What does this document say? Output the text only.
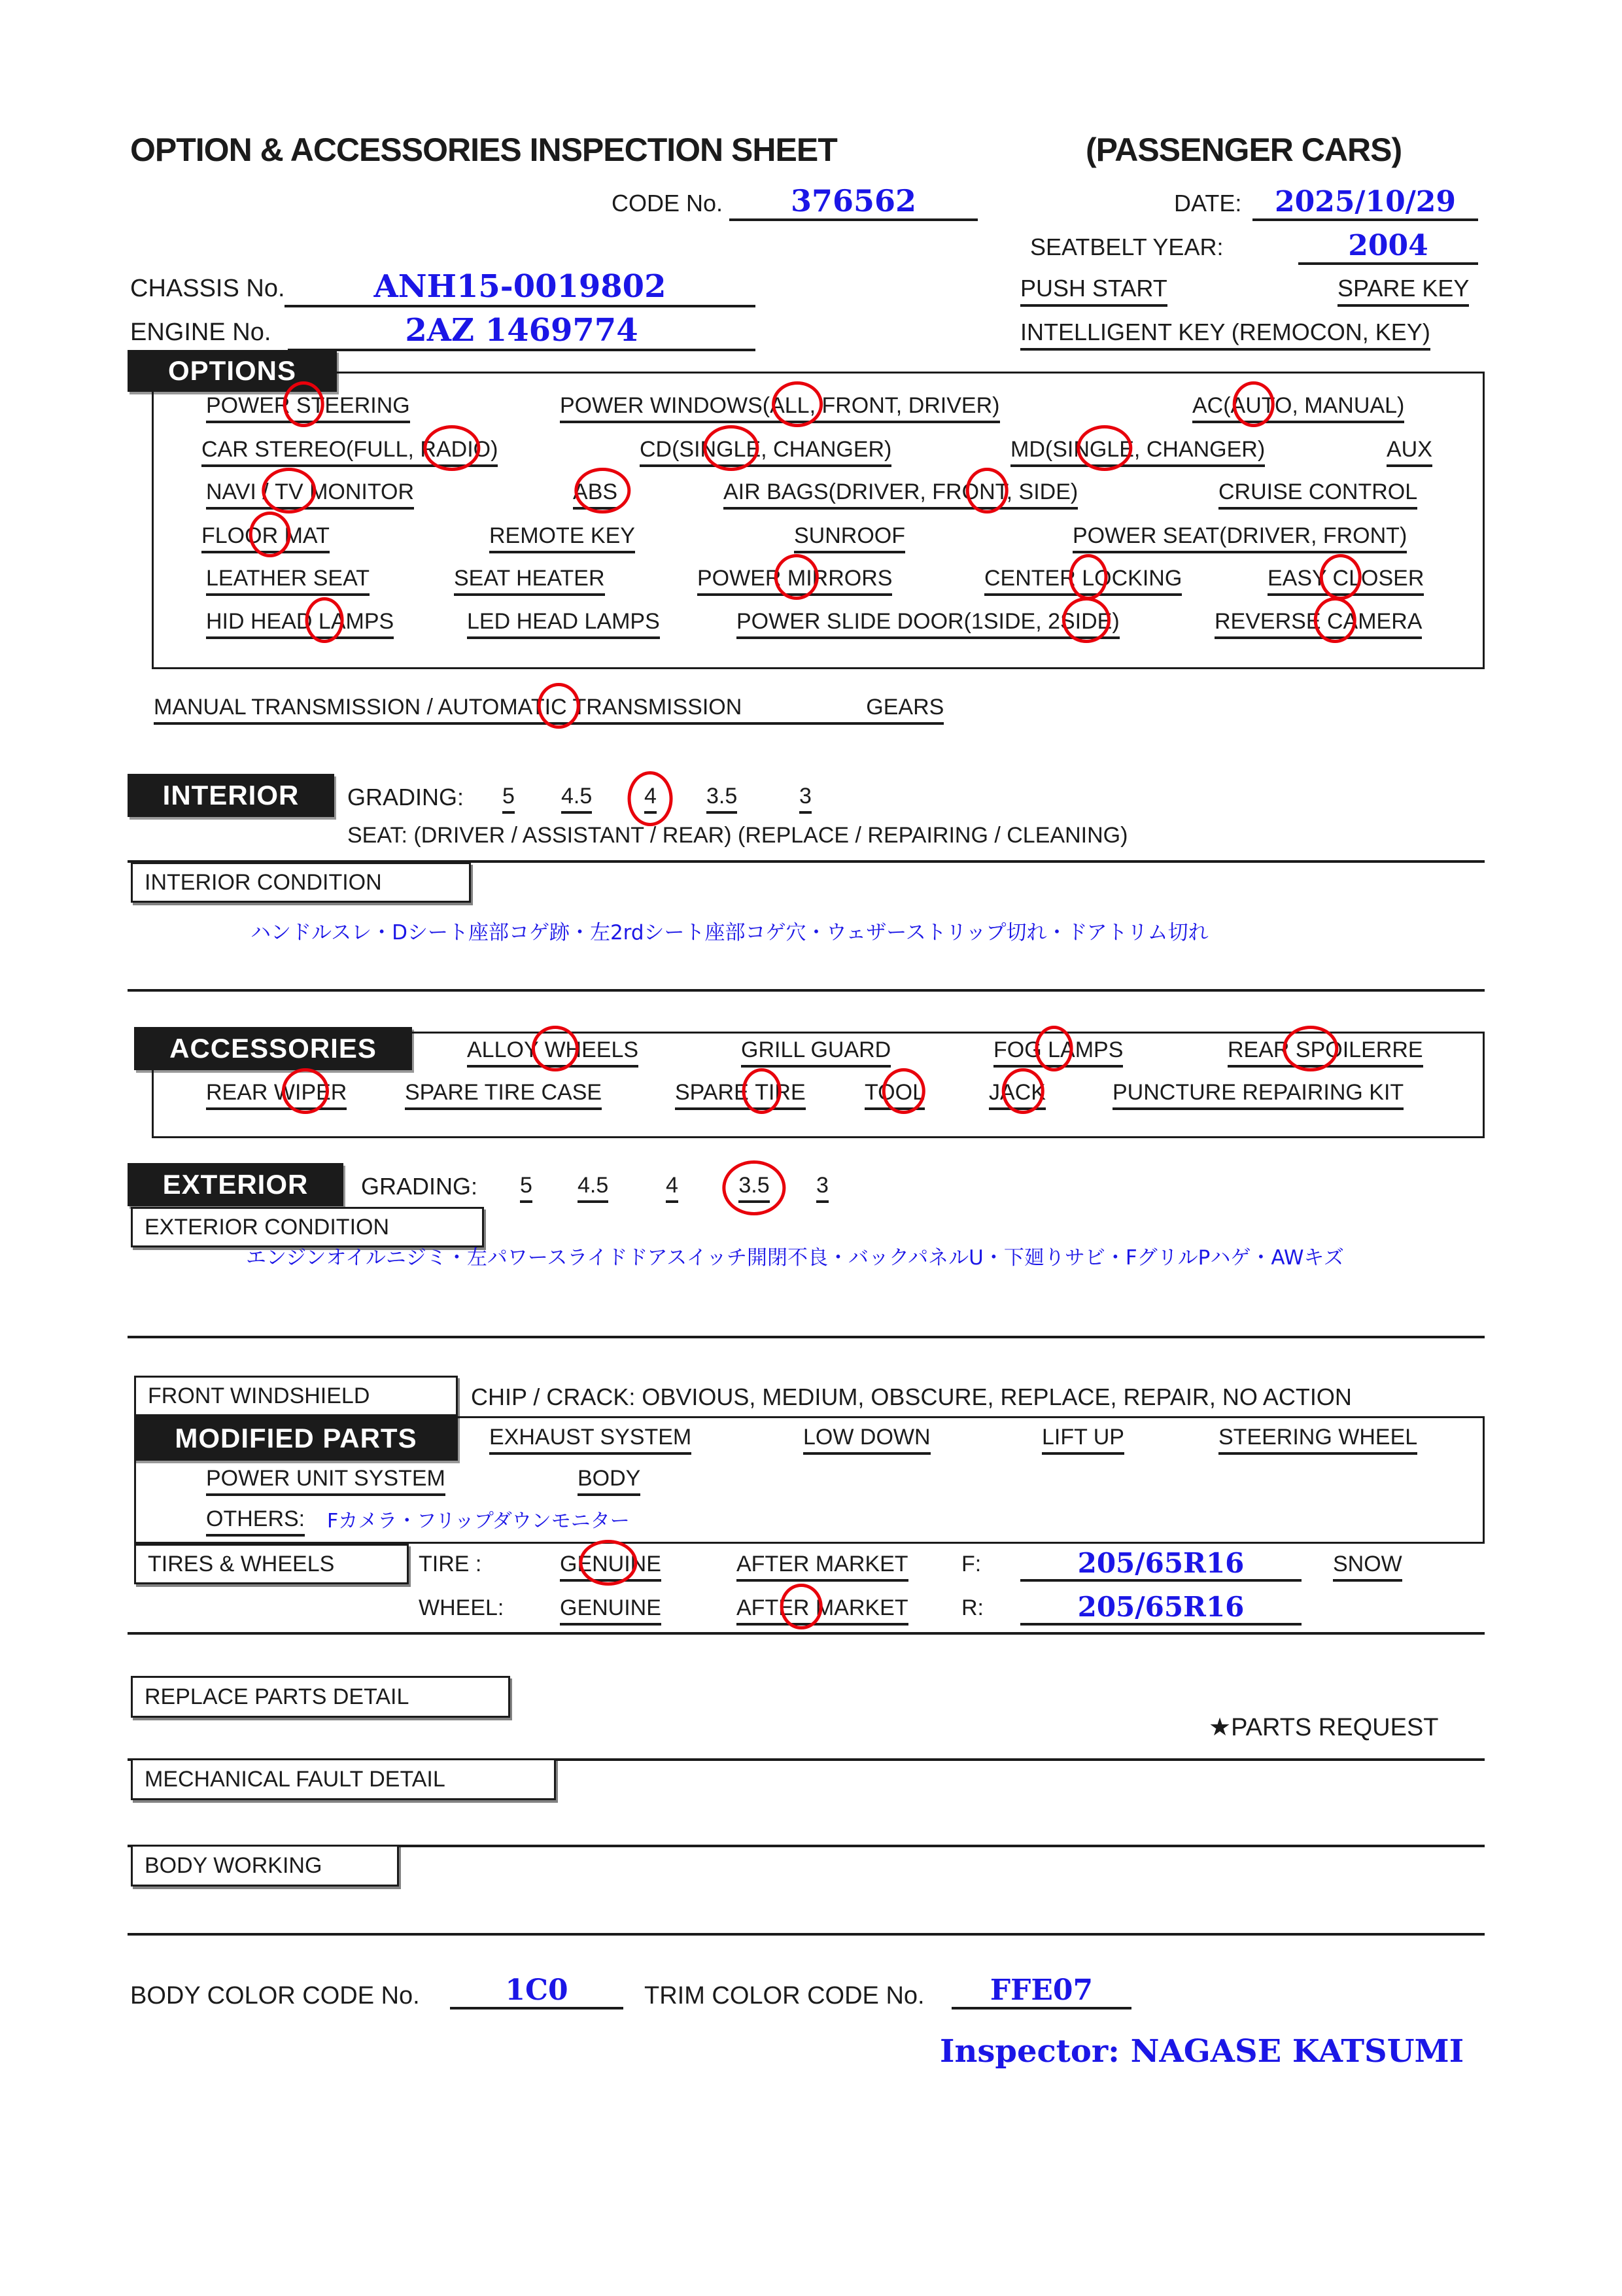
OPTION & ACCESSORIES INSPECTION SHEET	(PASSENGER CARS)
CODE No. 376562	DATE: 2025/10/29
SEATBELT YEAR:	2004
CHASSIS No.	ANH15-0019802	PUSH START	SPARE KEY
ENGINE No.	2AZ 1469774	INTELLIGENT KEY (REMOCON, KEY)
OPTIONS
POWER STEERING	POWER WINDOWS(ALL, FRONT, DRIVER)	AC(AUTO, MANUAL)
CAR STEREO(FULL, RADIO)	CD(SINGLE, CHANGER)	MD(SINGLE, CHANGER)	AUX
NAVI / TV MONITOR	ABS	AIR BAGS(DRIVER, FRONT, SIDE)	CRUISE CONTROL
FLOOR MAT	REMOTE KEY	SUNROOF	POWER SEAT(DRIVER, FRONT)
LEATHER SEAT	SEAT HEATER	POWER MIRRORS	CENTER LOCKING	EASY CLOSER
HID HEAD LAMPS	LED HEAD LAMPS	POWER SLIDE DOOR(1SIDE, 2SIDE)	REVERSE CAMERA
MANUAL TRANSMISSION / AUTOMATIC TRANSMISSION	GEARS
INTERIOR	GRADING: 5 4.5 4 3.5	3
SEAT: (DRIVER / ASSISTANT / REAR) (REPLACE / REPAIRING / CLEANING)
INTERIOR CONDITION
ハンドルスレ・Dシート座部コゲ跡・左2rdシート座部コゲ穴・ウェザーストリップ切れ・ドアトリム切れ
ACCESSORIES	ALLOY WHEELS	GRILL GUARD	FOG LAMPS	REAR SPOILERRE
REAR WIPER	SPARE TIRE CASE	SPARE TIRE	TOOL	JACK	PUNCTURE REPAIRING KIT
EXTERIOR	GRADING: 5 4.5	4	3.5 3
EXTERIOR CONDITION
エンジンオイルニジミ・左パワースライドドアスイッチ開閉不良・バックパネルU・下廻りサビ・FグリルPハゲ・AWキズ
FRONT WINDSHIELD	CHIP / CRACK: OBVIOUS, MEDIUM, OBSCURE, REPLACE, REPAIR, NO ACTION
MODIFIED PARTS	EXHAUST SYSTEM	LOW DOWN	LIFT UP	STEERING WHEEL
POWER UNIT SYSTEM	BODY
OTHERS: Fカメラ・フリップダウンモニター
TIRES & WHEELS	TIRE :	GENUINE	AFTER MARKET F:	205/65R16	SNOW
WHEEL:	GENUINE	AFTER MARKET R:	205/65R16
REPLACE PARTS DETAIL
★PARTS REQUEST
MECHANICAL FAULT DETAIL
BODY WORKING
BODY COLOR CODE No.	1C0	TRIM COLOR CODE No. FFE07
Inspector: NAGASE KATSUMI
